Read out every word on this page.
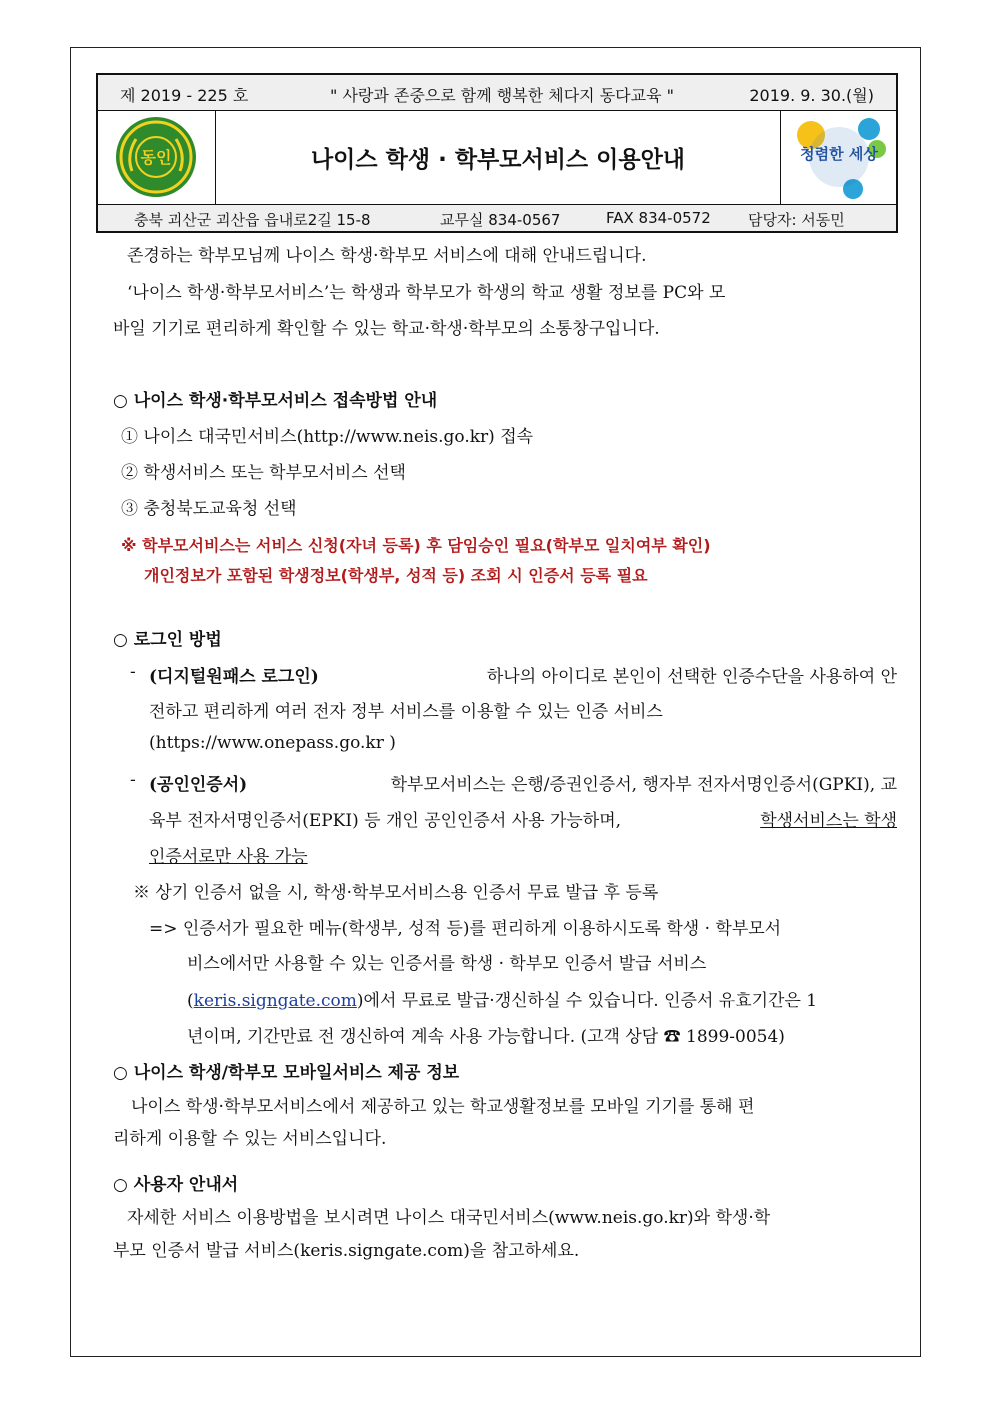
제 2019 - 225 호	" 사랑과 존중으로 함께 행복한 체다지 동다교육 "	2019. 9. 30.(월)
동인	나이스 학생 · 학부모서비스 이용안내	청렴한 세상
충북 괴산군 괴산읍 읍내로2길 15-8	교무실 834-0567	FAX 834-0572 담당자: 서동민
존경하는 학부모님께 나이스 학생·학부모 서비스에 대해 안내드립니다.
‘나이스 학생·학부모서비스’는 학생과 학부모가 학생의 학교 생활 정보를 PC와 모
바일 기기로 편리하게 확인할 수 있는 학교·학생·학부모의 소통창구입니다.
○ 나이스 학생·학부모서비스 접속방법 안내
① 나이스 대국민서비스(http://www.neis.go.kr) 접속
② 학생서비스 또는 학부모서비스 선택
③ 충청북도교육청 선택
※ 학부모서비스는 서비스 신청(자녀 등록) 후 담임승인 필요(학부모 일치여부 확인)
개인정보가 포함된 학생정보(학생부, 성적 등) 조회 시 인증서 등록 필요
○ 로그인 방법
- (디지털원패스 로그인)	하나의 아이디로 본인이 선택한 인증수단을 사용하여 안
전하고 편리하게 여러 전자 정부 서비스를 이용할 수 있는 인증 서비스
(https://www.onepass.go.kr )
- (공인인증서)	학부모서비스는 은행/증권인증서, 행자부 전자서명인증서(GPKI), 교
육부 전자서명인증서(EPKI) 등 개인 공인인증서 사용 가능하며,	학생서비스는 학생
인증서로만 사용 가능
※ 상기 인증서 없을 시, 학생·학부모서비스용 인증서 무료 발급 후 등록
=> 인증서가 필요한 메뉴(학생부, 성적 등)를 편리하게 이용하시도록 학생 · 학부모서
비스에서만 사용할 수 있는 인증서를 학생 · 학부모 인증서 발급 서비스
(keris.signgate.com)에서 무료로 발급·갱신하실 수 있습니다. 인증서 유효기간은 1
년이며, 기간만료 전 갱신하여 계속 사용 가능합니다. (고객 상담 ☎ 1899-0054)
○ 나이스 학생/학부모 모바일서비스 제공 정보
나이스 학생·학부모서비스에서 제공하고 있는 학교생활정보를 모바일 기기를 통해 편
리하게 이용할 수 있는 서비스입니다.
○ 사용자 안내서
자세한 서비스 이용방법을 보시려면 나이스 대국민서비스(www.neis.go.kr)와 학생·학
부모 인증서 발급 서비스(keris.signgate.com)을 참고하세요.
